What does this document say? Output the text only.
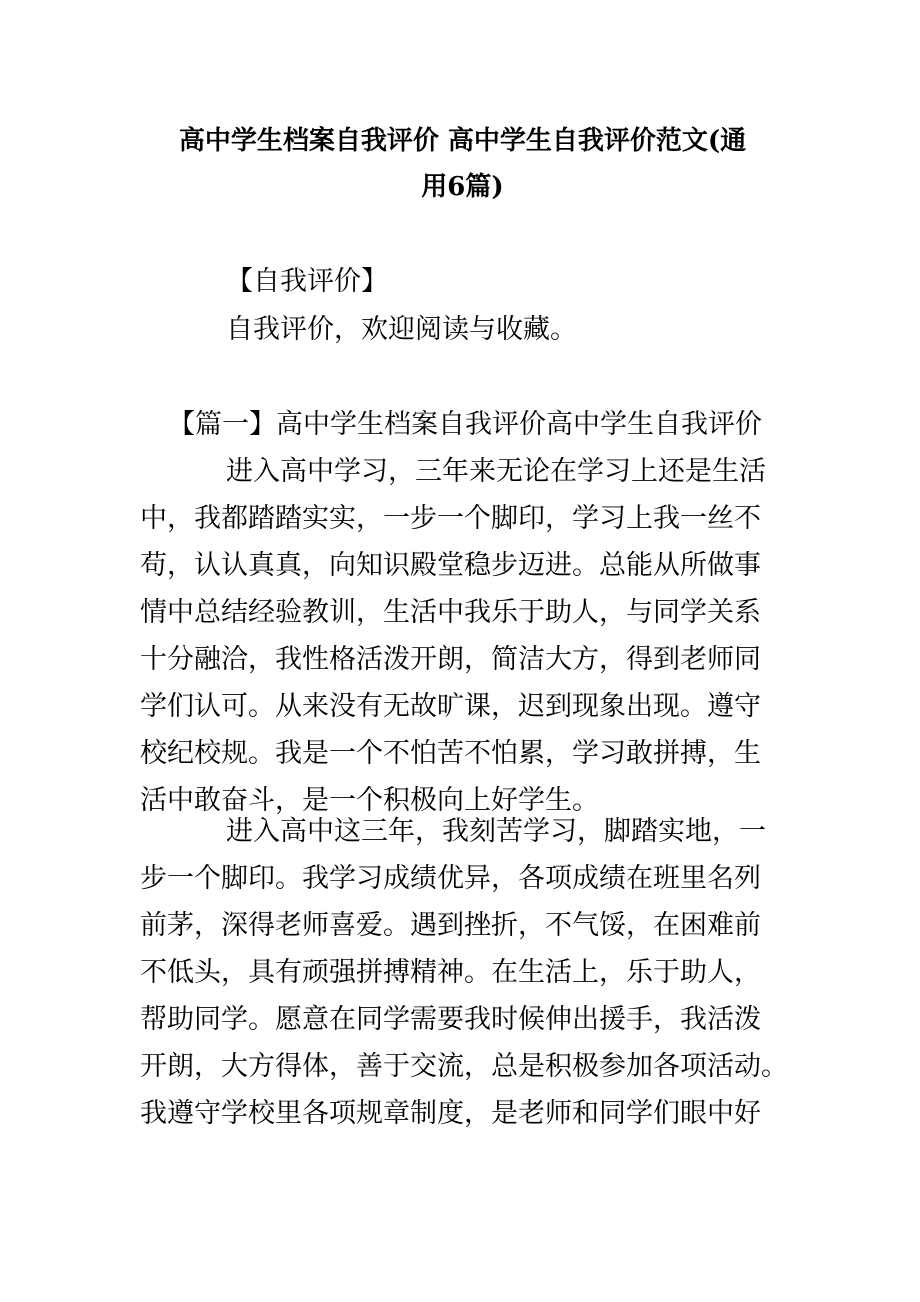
高中学生档案自我评价 高中学生自我评价范文(通
用6篇)
【自我评价】
自我评价，欢迎阅读与收藏。
【篇一】高中学生档案自我评价高中学生自我评价
进入高中学习，三年来无论在学习上还是生活
中，我都踏踏实实，一步一个脚印，学习上我一丝不
苟，认认真真，向知识殿堂稳步迈进。总能从所做事
情中总结经验教训，生活中我乐于助人，与同学关系
十分融洽，我性格活泼开朗，简洁大方，得到老师同
学们认可。从来没有无故旷课，迟到现象出现。遵守
校纪校规。我是一个不怕苦不怕累，学习敢拼搏，生
活中敢奋斗，是一个积极向上好学生。
进入高中这三年，我刻苦学习，脚踏实地，一
步一个脚印。我学习成绩优异，各项成绩在班里名列
前茅，深得老师喜爱。遇到挫折，不气馁，在困难前
不低头，具有顽强拼搏精神。在生活上，乐于助人，
帮助同学。愿意在同学需要我时候伸出援手，我活泼
开朗，大方得体，善于交流，总是积极参加各项活动。
我遵守学校里各项规章制度，是老师和同学们眼中好
